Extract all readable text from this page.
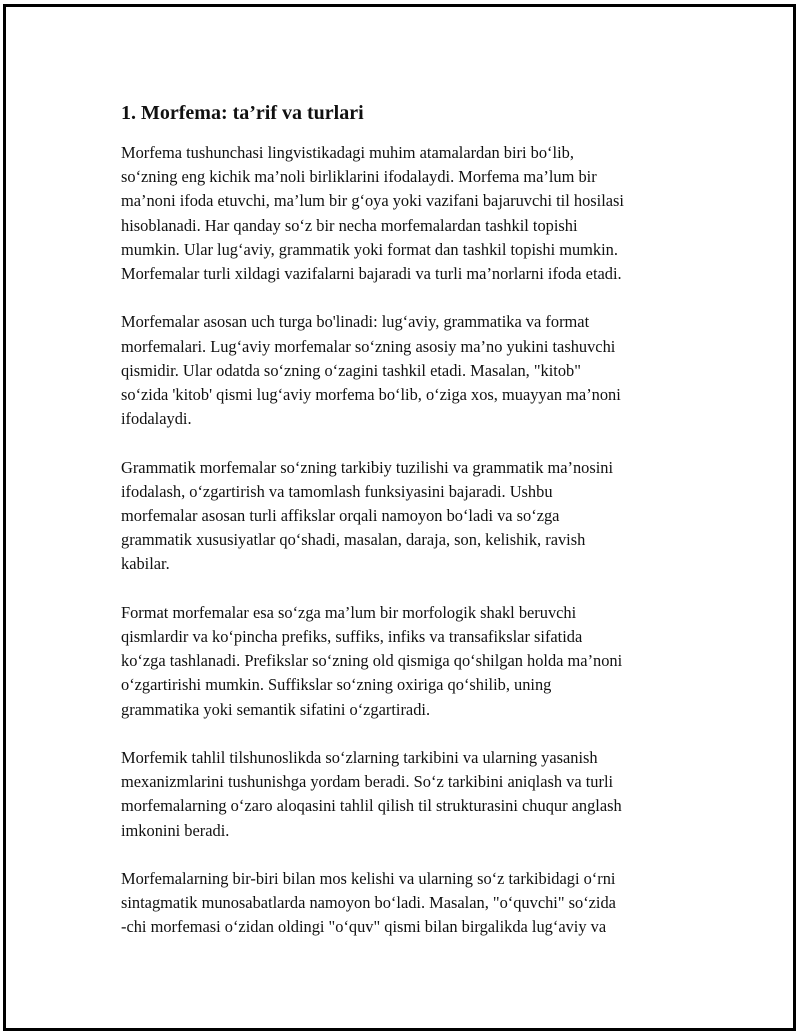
1. Morfema: ta’rif va turlari

Morfema tushunchasi lingvistikadagi muhim atamalardan biri bo‘lib,
so‘zning eng kichik ma’noli birliklarini ifodalaydi. Morfema ma’lum bir
ma’noni ifoda etuvchi, ma’lum bir g‘oya yoki vazifani bajaruvchi til hosilasi
hisoblanadi. Har qanday so‘z bir necha morfemalardan tashkil topishi
mumkin. Ular lug‘aviy, grammatik yoki format dan tashkil topishi mumkin.
Morfemalar turli xildagi vazifalarni bajaradi va turli ma’norlarni ifoda etadi.

Morfemalar asosan uch turga bo'linadi: lug‘aviy, grammatika va format
morfemalari. Lug‘aviy morfemalar so‘zning asosiy ma’no yukini tashuvchi
qismidir. Ular odatda so‘zning o‘zagini tashkil etadi. Masalan, "kitob"
so‘zida 'kitob' qismi lug‘aviy morfema bo‘lib, o‘ziga xos, muayyan ma’noni
ifodalaydi.

Grammatik morfemalar so‘zning tarkibiy tuzilishi va grammatik ma’nosini
ifodalash, o‘zgartirish va tamomlash funksiyasini bajaradi. Ushbu
morfemalar asosan turli affikslar orqali namoyon bo‘ladi va so‘zga
grammatik xususiyatlar qo‘shadi, masalan, daraja, son, kelishik, ravish
kabilar.

Format morfemalar esa so‘zga ma’lum bir morfologik shakl beruvchi
qismlardir va ko‘pincha prefiks, suffiks, infiks va transafikslar sifatida
ko‘zga tashlanadi. Prefikslar so‘zning old qismiga qo‘shilgan holda ma’noni
o‘zgartirishi mumkin. Suffikslar so‘zning oxiriga qo‘shilib, uning
grammatika yoki semantik sifatini o‘zgartiradi.

Morfemik tahlil tilshunoslikda so‘zlarning tarkibini va ularning yasanish
mexanizmlarini tushunishga yordam beradi. So‘z tarkibini aniqlash va turli
morfemalarning o‘zaro aloqasini tahlil qilish til strukturasini chuqur anglash
imkonini beradi.

Morfemalarning bir-biri bilan mos kelishi va ularning so‘z tarkibidagi o‘rni
sintagmatik munosabatlarda namoyon bo‘ladi. Masalan, "o‘quvchi" so‘zida
-chi morfemasi o‘zidan oldingi "o‘quv" qismi bilan birgalikda lug‘aviy va
